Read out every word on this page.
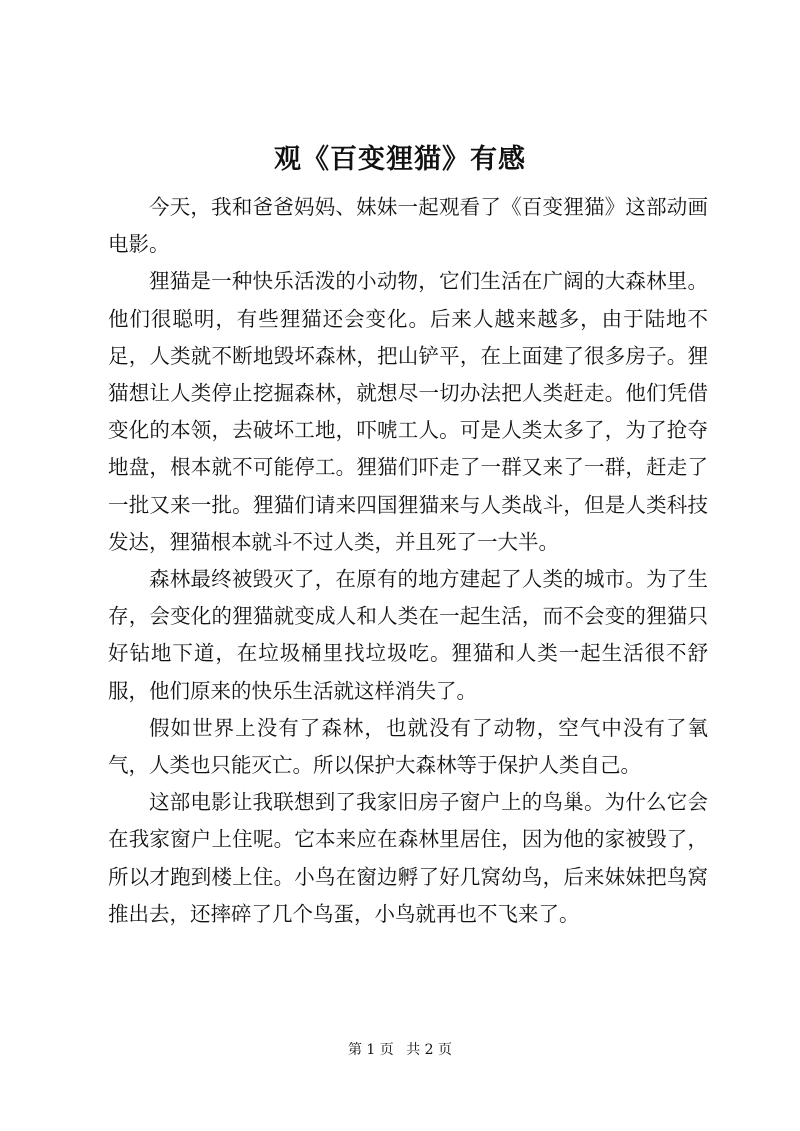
观《百变狸猫》有感

今天，我和爸爸妈妈、妹妹一起观看了《百变狸猫》这部动画电影。

狸猫是一种快乐活泼的小动物，它们生活在广阔的大森林里。他们很聪明，有些狸猫还会变化。后来人越来越多，由于陆地不足，人类就不断地毁坏森林，把山铲平，在上面建了很多房子。狸猫想让人类停止挖掘森林，就想尽一切办法把人类赶走。他们凭借变化的本领，去破坏工地，吓唬工人。可是人类太多了，为了抢夺地盘，根本就不可能停工。狸猫们吓走了一群又来了一群，赶走了一批又来一批。狸猫们请来四国狸猫来与人类战斗，但是人类科技发达，狸猫根本就斗不过人类，并且死了一大半。

森林最终被毁灭了，在原有的地方建起了人类的城市。为了生存，会变化的狸猫就变成人和人类在一起生活，而不会变的狸猫只好钻地下道，在垃圾桶里找垃圾吃。狸猫和人类一起生活很不舒服，他们原来的快乐生活就这样消失了。

假如世界上没有了森林，也就没有了动物，空气中没有了氧气，人类也只能灭亡。所以保护大森林等于保护人类自己。

这部电影让我联想到了我家旧房子窗户上的鸟巢。为什么它会在我家窗户上住呢。它本来应在森林里居住，因为他的家被毁了，所以才跑到楼上住。小鸟在窗边孵了好几窝幼鸟，后来妹妹把鸟窝推出去，还摔碎了几个鸟蛋，小鸟就再也不飞来了。

第 1 页 共 2 页
